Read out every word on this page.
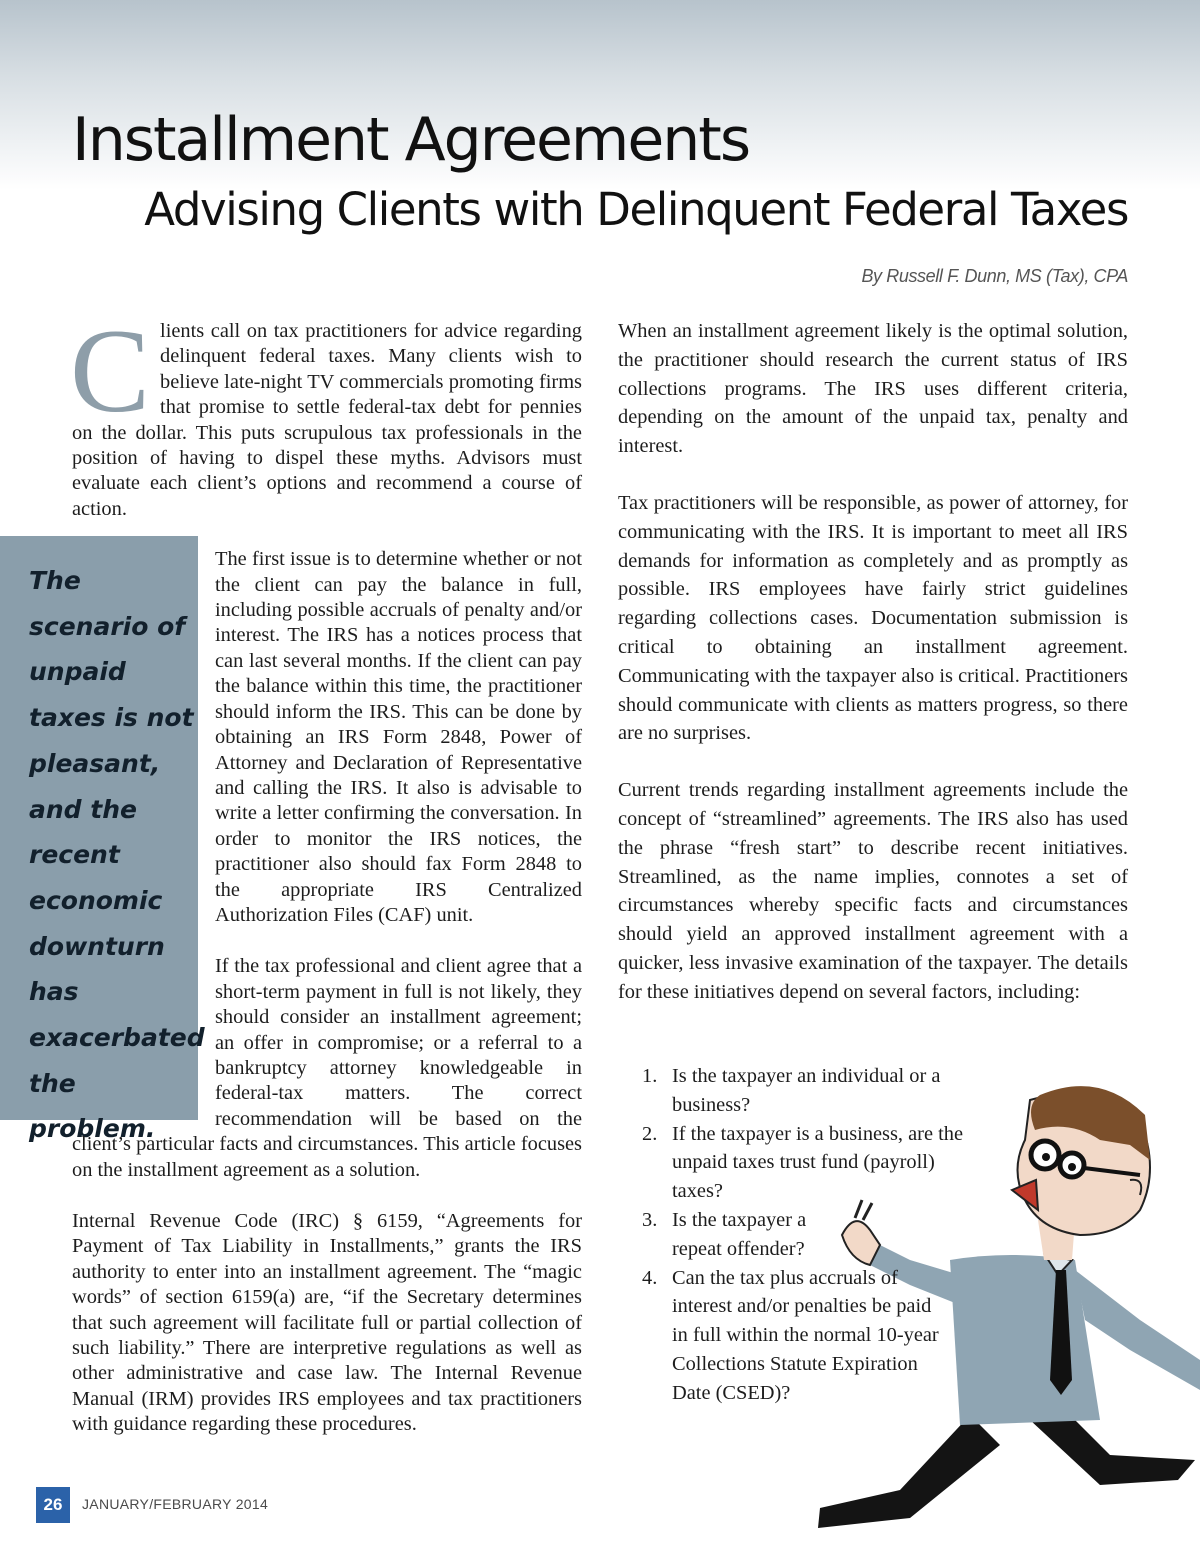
Installment Agreements
Advising Clients with Delinquent Federal Taxes
By Russell F. Dunn, MS (Tax), CPA
The scenario of unpaid taxes is not pleasant, and the recent economic downturn has exacerbated the problem.

Clients call on tax practitioners for advice regarding delinquent federal taxes. Many clients wish to believe late-night TV commercials promoting firms that promise to settle federal-tax debt for pennies on the dollar. This puts scrupulous tax professionals in the position of having to dispel these myths. Advisors must evaluate each client’s options and recommend a course of action.

The first issue is to determine whether or not the client can pay the balance in full, including possible accruals of penalty and/or interest. The IRS has a notices process that can last several months. If the client can pay the balance within this time, the practitioner should inform the IRS. This can be done by obtaining an IRS Form 2848, Power of Attorney and Declaration of Representative and calling the IRS. It also is advisable to write a letter confirming the conversation. In order to monitor the IRS notices, the practitioner also should fax Form 2848 to the appropriate IRS Centralized Authorization Files (CAF) unit.

If the tax professional and client agree that a short-term payment in full is not likely, they should consider an installment agreement; an offer in compromise; or a referral to a bankruptcy attorney knowledgeable in federal-tax matters. The correct recommendation will be based on the client’s particular facts and circumstances. This article focuses on the installment agreement as a solution.

Internal Revenue Code (IRC) § 6159, “Agreements for Payment of Tax Liability in Installments,” grants the IRS authority to enter into an installment agreement. The “magic words” of section 6159(a) are, “if the Secretary determines that such agreement will facilitate full or partial collection of such liability.” There are interpretive regulations as well as other administrative and case law. The Internal Revenue Manual (IRM) provides IRS employees and tax practitioners with guidance regarding these procedures.

When an installment agreement likely is the optimal solution, the practitioner should research the current status of IRS collections programs. The IRS uses different criteria, depending on the amount of the unpaid tax, penalty and interest.

Tax practitioners will be responsible, as power of attorney, for communicating with the IRS. It is important to meet all IRS demands for information as completely and as promptly as possible. IRS employees have fairly strict guidelines regarding collections cases. Documentation submission is critical to obtaining an installment agreement. Communicating with the taxpayer also is critical. Practitioners should communicate with clients as matters progress, so there are no surprises.

Current trends regarding installment agreements include the concept of “streamlined” agreements. The IRS also has used the phrase “fresh start” to describe recent initiatives. Streamlined, as the name implies, connotes a set of circumstances whereby specific facts and circumstances should yield an approved installment agreement with a quicker, less invasive examination of the taxpayer. The details for these initiatives depend on several factors, including:

1. Is the taxpayer an individual or a business?
2. If the taxpayer is a business, are the unpaid taxes trust fund (payroll) taxes?
3. Is the taxpayer a repeat offender?
4. Can the tax plus accruals of interest and/or penalties be paid in full within the normal 10-year Collections Statute Expiration Date (CSED)?
26	JANUARY/FEBRUARY 2014
